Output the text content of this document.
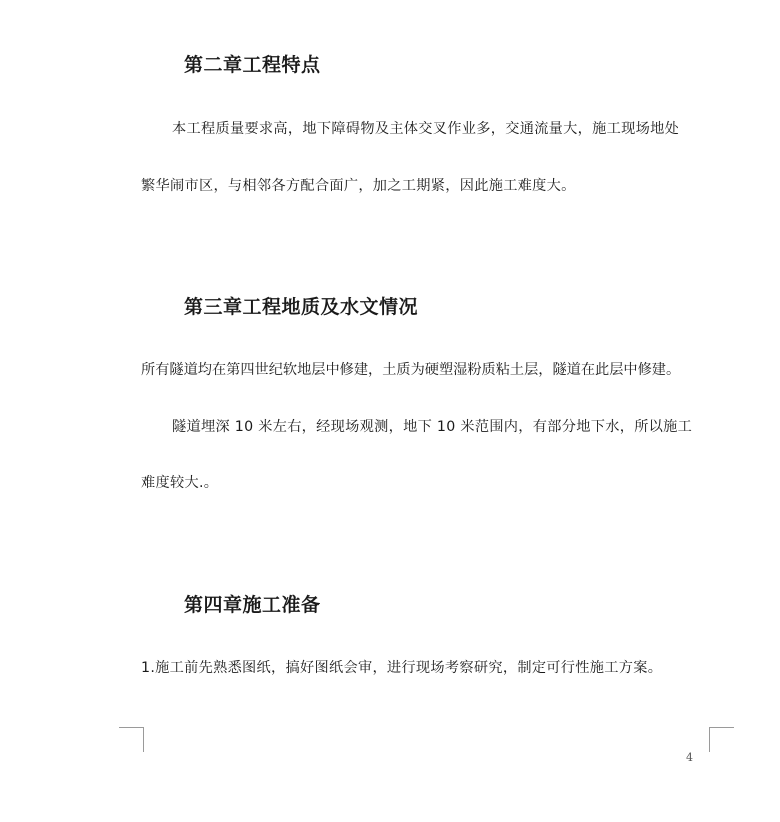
第二章工程特点
本工程质量要求高，地下障碍物及主体交叉作业多，交通流量大，施工现场地处
繁华闹市区，与相邻各方配合面广，加之工期紧，因此施工难度大。
第三章工程地质及水文情况
所有隧道均在第四世纪软地层中修建，土质为硬塑湿粉质粘土层，隧道在此层中修建。
隧道埋深 10 米左右，经现场观测，地下 10 米范围内，有部分地下水，所以施工
难度较大.。
第四章施工准备
1.施工前先熟悉图纸，搞好图纸会审，进行现场考察研究，制定可行性施工方案。
4
